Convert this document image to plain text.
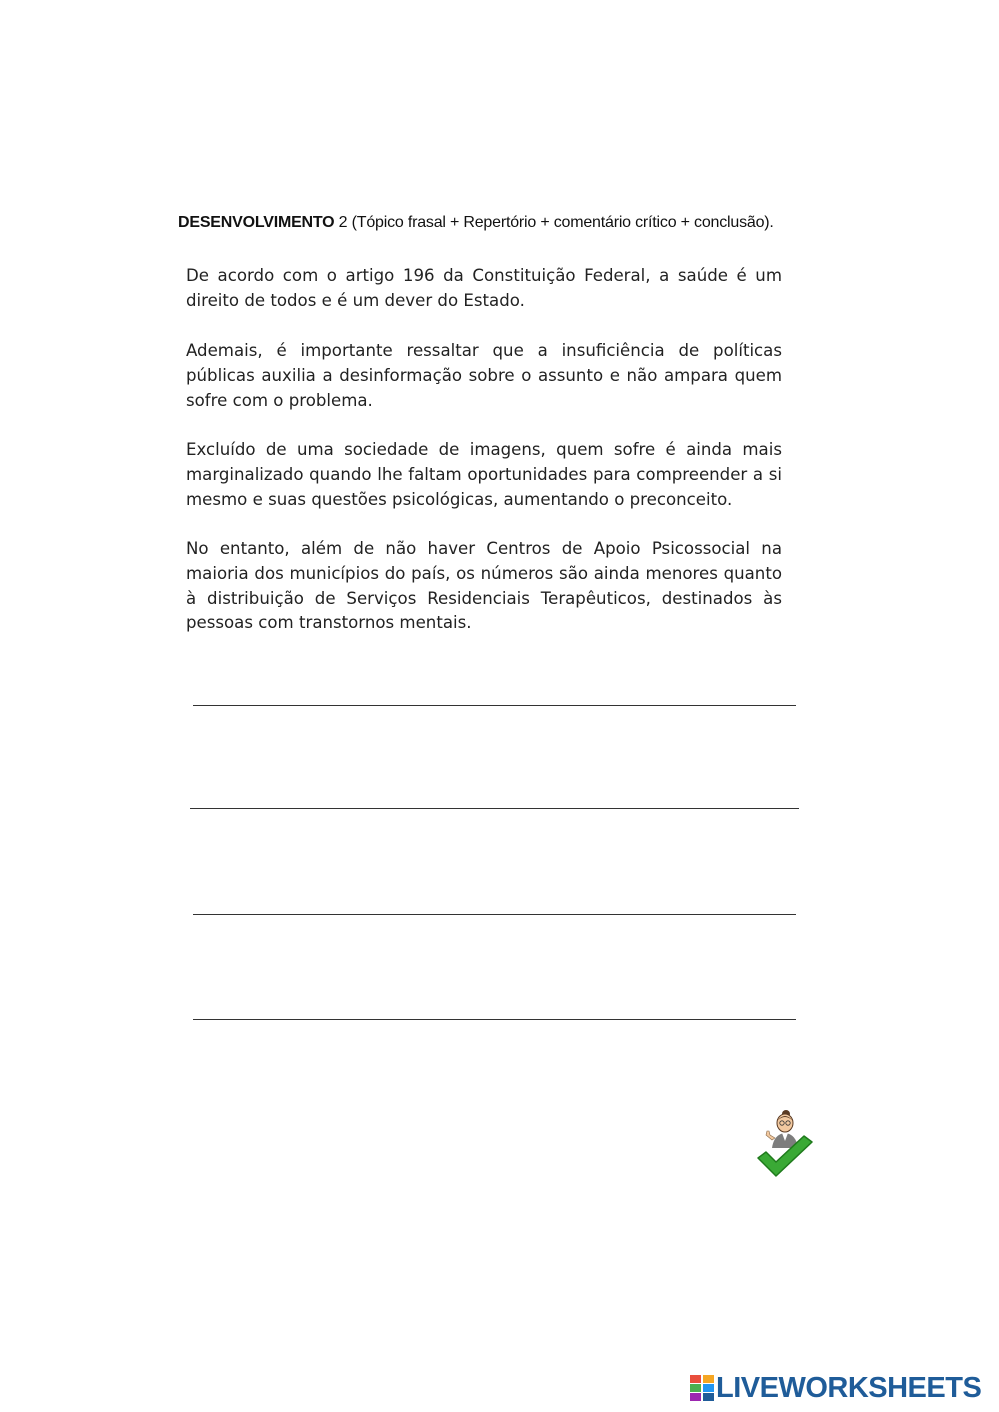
DESENVOLVIMENTO 2 (Tópico frasal + Repertório + comentário crítico + conclusão).

De acordo com o artigo 196 da Constituição Federal, a saúde é um direito de todos e é um dever do Estado.

Ademais, é importante ressaltar que a insuficiência de políticas públicas auxilia a desinformação sobre o assunto e não ampara quem sofre com o problema.

Excluído de uma sociedade de imagens, quem sofre é ainda mais marginalizado quando lhe faltam oportunidades para compreender a si mesmo e suas questões psicológicas, aumentando o preconceito.

No entanto, além de não haver Centros de Apoio Psicossocial na maioria dos municípios do país, os números são ainda menores quanto à distribuição de Serviços Residenciais Terapêuticos, destinados às pessoas com transtornos mentais.

LIVEWORKSHEETS
